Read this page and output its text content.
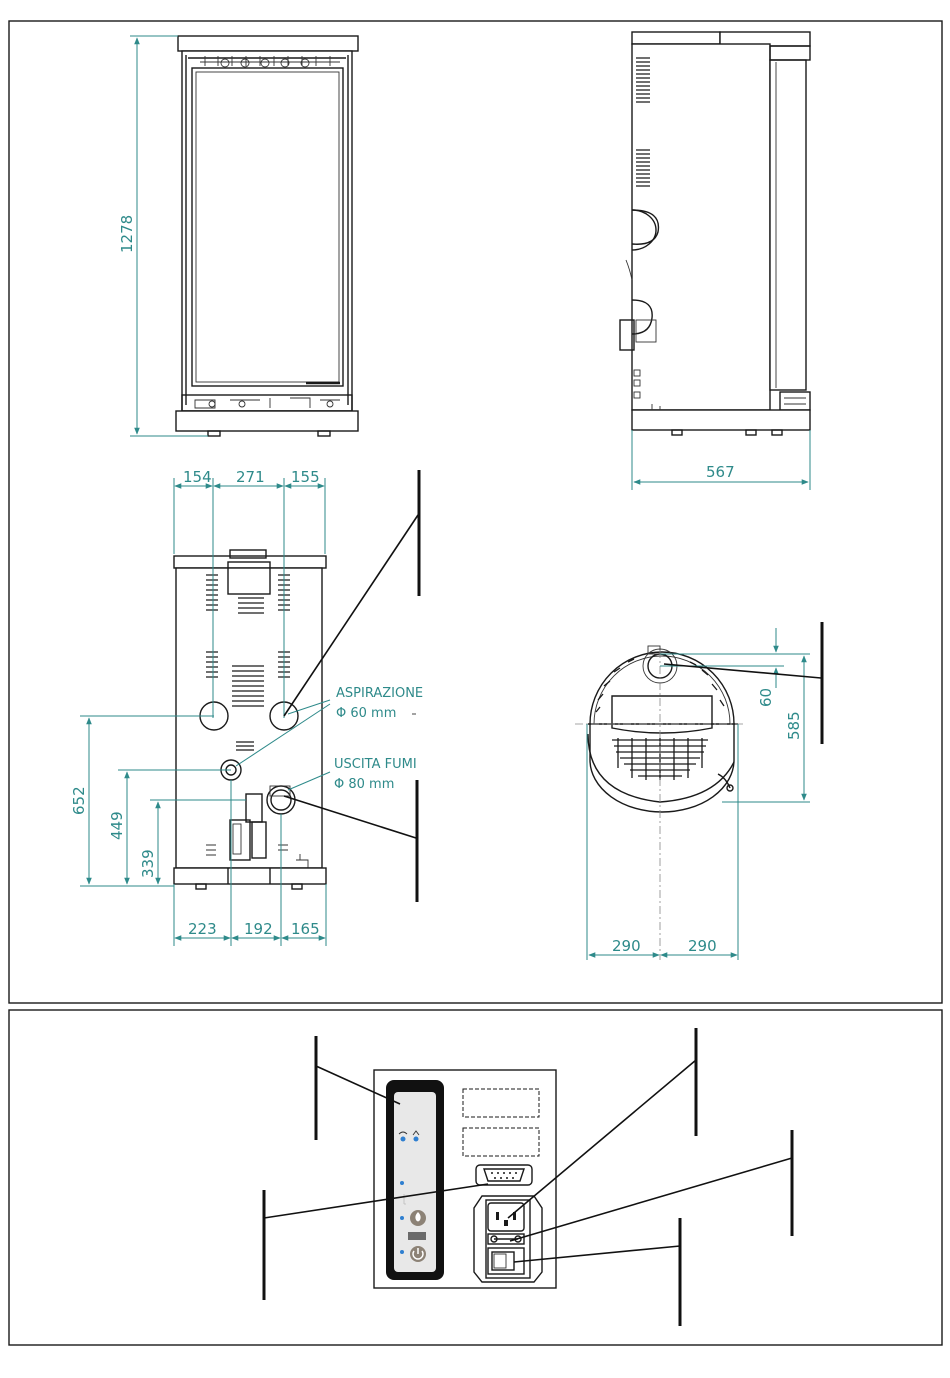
1278
567
154 271 155
223 192 165
652
449
339
ASPIRAZIONE
Φ 60 mm
USCITA FUMI
Φ 80 mm
60
585
290	290
